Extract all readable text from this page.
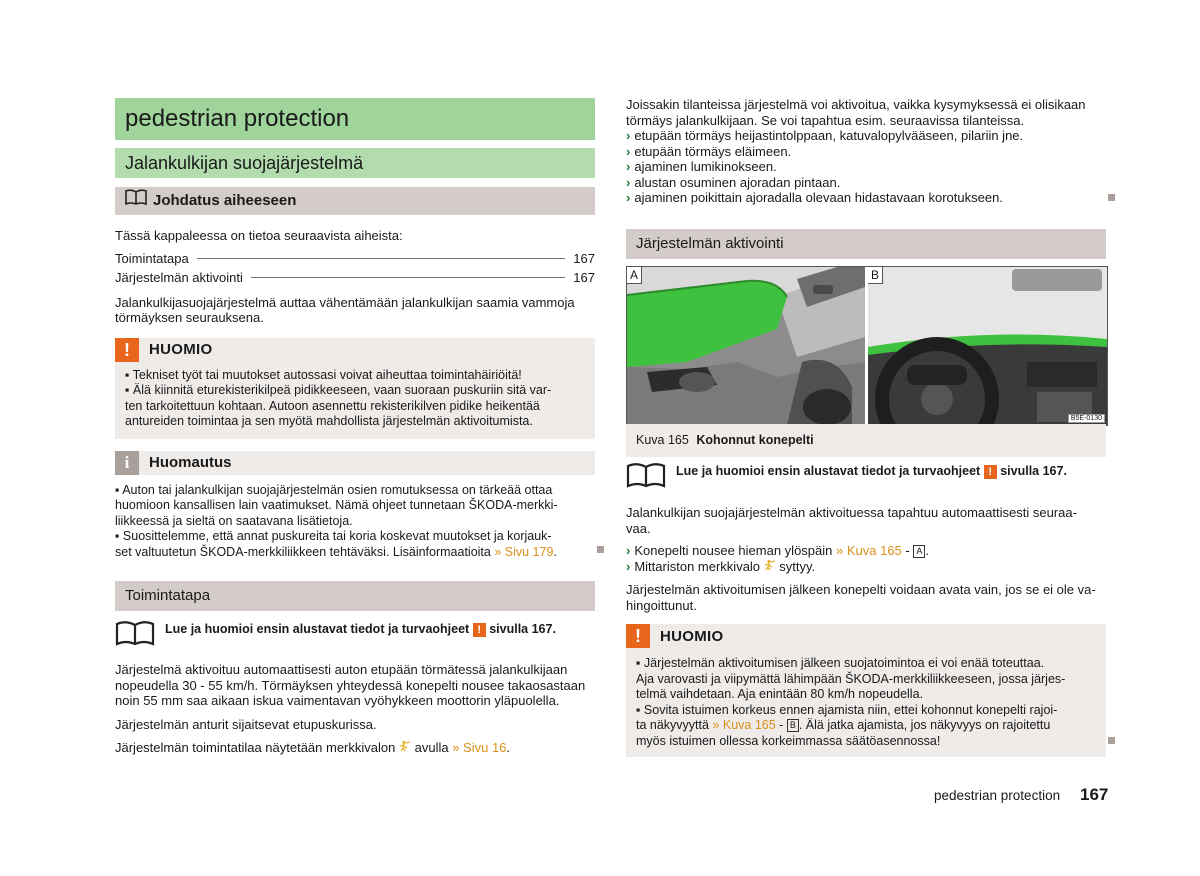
pedestrian protection
Jalankulkijan suojajärjestelmä
Johdatus aiheeseen

Tässä kappaleessa on tietoa seuraavista aiheista:

Toimintatapa	167
Järjestelmän aktivointi	167

Jalankulkijasuojajärjestelmä auttaa vähentämään jalankulkijan saamia vammoja

törmäyksen seurauksena.

!	HUOMIO
▪ Tekniset työt tai muutokset autossasi voivat aiheuttaa toimintahäiriöitä!
▪ Älä kiinnitä eturekisterikilpeä pidikkeeseen, vaan suoraan puskuriin sitä var-
ten tarkoitettuun kohtaan. Autoon asennettu rekisterikilven pidike heikentää
antureiden toimintaa ja sen myötä mahdollista järjestelmän aktivoitumista.
i	Huomautus
▪ Auton tai jalankulkijan suojajärjestelmän osien romutuksessa on tärkeää ottaa
huomioon kansallisen lain vaatimukset. Nämä ohjeet tunnetaan ŠKODA-merkki-
liikkeessä ja sieltä on saatavana lisätietoja.
▪ Suosittelemme, että annat puskureita tai koria koskevat muutokset ja korjauk-
set valtuutetun ŠKODA-merkkiliikkeen tehtäväksi. Lisäinformaatioita » Sivu 179.
Toimintatapa
Lue ja huomioi ensin alustavat tiedot ja turvaohjeet ! sivulla 167.

Järjestelmä aktivoituu automaattisesti auton etupään törmätessä jalankulkijaan

nopeudella 30 - 55 km/h. Törmäyksen yhteydessä konepelti nousee takaosastaan

noin 55 mm saa aikaan iskua vaimentavan vyöhykkeen moottorin yläpuolella.

Järjestelmän anturit sijaitsevat etupuskurissa.

Järjestelmän toimintatilaa näytetään merkkivalon avulla » Sivu 16.

Joissakin tilanteissa järjestelmä voi aktivoitua, vaikka kysymyksessä ei olisikaan

törmäys jalankulkijaan. Se voi tapahtua esim. seuraavissa tilanteissa.

› etupään törmäys heijastintolppaan, katuvalopylvääseen, pilariin jne.

› etupään törmäys eläimeen.

› ajaminen lumikinokseen.

› alustan osuminen ajoradan pintaan.

› ajaminen poikittain ajoradalla olevaan hidastavaan korotukseen.

Järjestelmän aktivointi
A	B
B5E-0130
Kuva 165 Kohonnut konepelti
Lue ja huomioi ensin alustavat tiedot ja turvaohjeet ! sivulla 167.

Jalankulkijan suojajärjestelmän aktivoituessa tapahtuu automaattisesti seuraa-

vaa.

› Konepelti nousee hieman ylöspäin » Kuva 165 - A .

› Mittariston merkkivalo syttyy.

Järjestelmän aktivoitumisen jälkeen konepelti voidaan avata vain, jos se ei ole va-

hingoittunut.

!	HUOMIO
▪ Järjestelmän aktivoitumisen jälkeen suojatoimintoa ei voi enää toteuttaa.
Aja varovasti ja viipymättä lähimpään ŠKODA-merkkiliikkeeseen, jossa järjes-
telmä vaihdetaan. Aja enintään 80 km/h nopeudella.
▪ Sovita istuimen korkeus ennen ajamista niin, ettei kohonnut konepelti rajoi-
ta näkyvyyttä » Kuva 165 - B . Älä jatka ajamista, jos näkyvyys on rajoitettu
myös istuimen ollessa korkeimmassa säätöasennossa!
pedestrian protection 167
